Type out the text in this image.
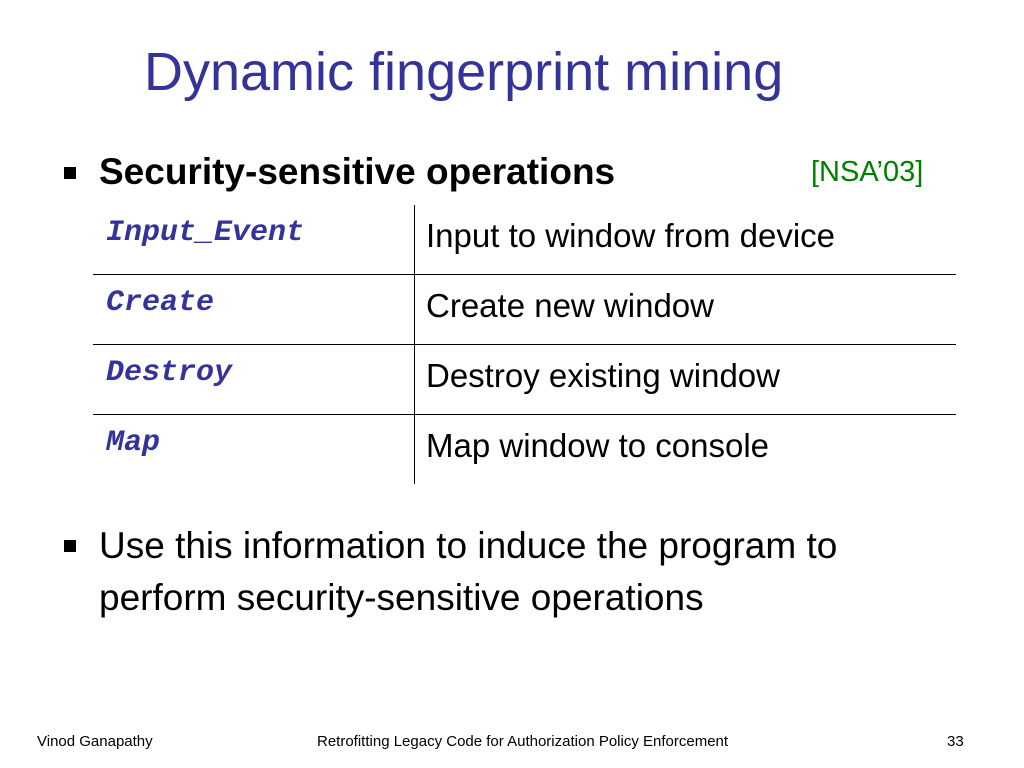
Dynamic fingerprint mining
Security-sensitive operations	[NSA’03]
Input_Event	Input to window from device
Create	Create new window
Destroy	Destroy existing window
Map	Map window to console
Use this information to induce the program to perform security-sensitive operations
Vinod Ganapathy	Retrofitting Legacy Code for Authorization Policy Enforcement	33
